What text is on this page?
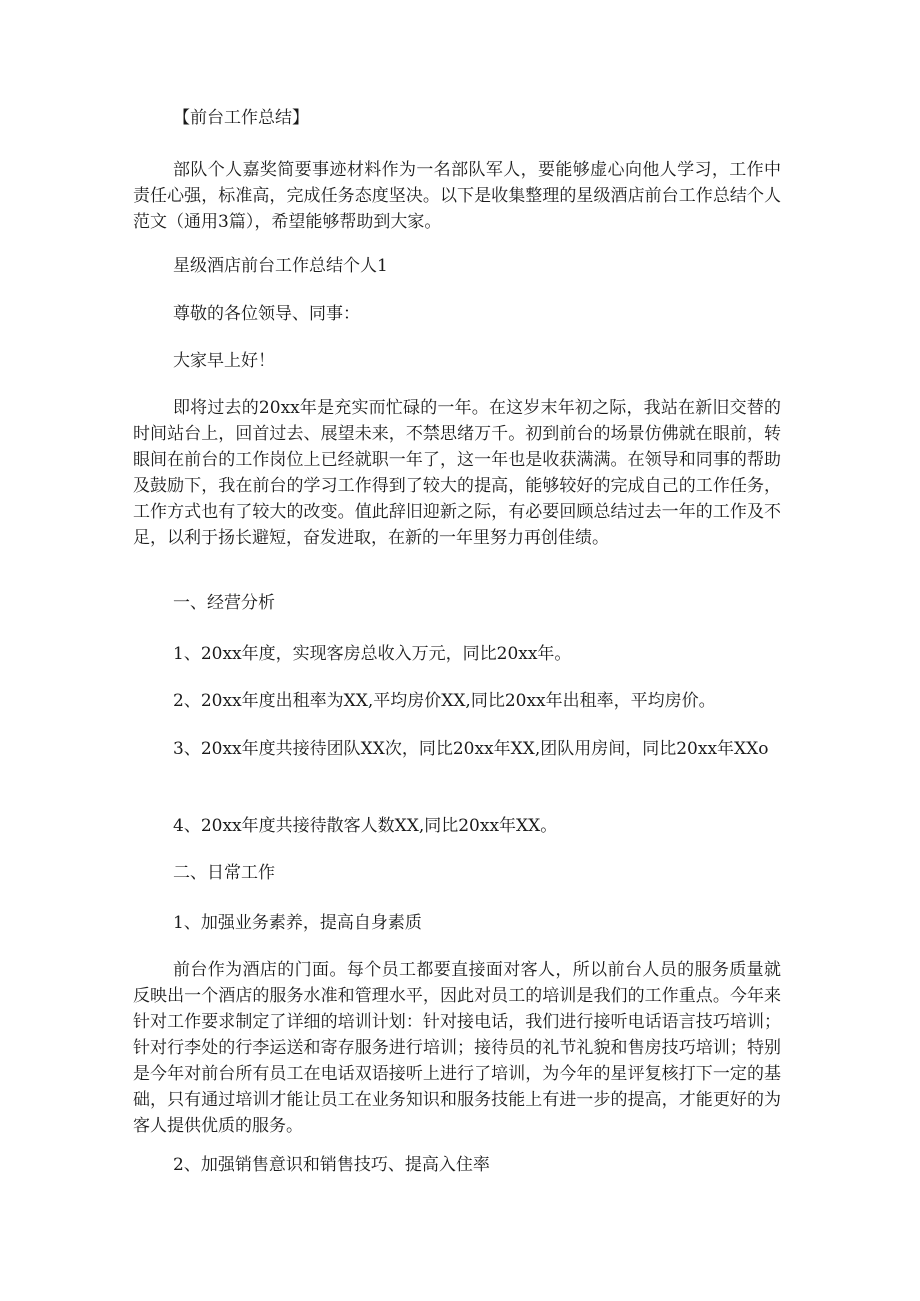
【前台工作总结】
部队个人嘉奖简要事迹材料作为一名部队军人，要能够虚心向他人学习，工作中责任心强，标准高，完成任务态度坚决。以下是收集整理的星级酒店前台工作总结个人范文（通用3篇），希望能够帮助到大家。
星级酒店前台工作总结个人1
尊敬的各位领导、同事：
大家早上好！
即将过去的20xx年是充实而忙碌的一年。在这岁末年初之际，我站在新旧交替的时间站台上，回首过去、展望未来，不禁思绪万千。初到前台的场景仿佛就在眼前，转眼间在前台的工作岗位上已经就职一年了，这一年也是收获满满。在领导和同事的帮助及鼓励下，我在前台的学习工作得到了较大的提高，能够较好的完成自己的工作任务，工作方式也有了较大的改变。值此辞旧迎新之际，有必要回顾总结过去一年的工作及不足，以利于扬长避短，奋发进取，在新的一年里努力再创佳绩。
一、经营分析
1、20xx年度，实现客房总收入万元，同比20xx年。
2、20xx年度出租率为XX,平均房价XX,同比20xx年出租率，平均房价。
3、20xx年度共接待团队XX次，同比20xx年XX,团队用房间，同比20xx年XXo
4、20xx年度共接待散客人数XX,同比20xx年XX。
二、日常工作
1、加强业务素养，提高自身素质
前台作为酒店的门面。每个员工都要直接面对客人，所以前台人员的服务质量就反映出一个酒店的服务水准和管理水平，因此对员工的培训是我们的工作重点。今年来针对工作要求制定了详细的培训计划：针对接电话，我们进行接听电话语言技巧培训；针对行李处的行李运送和寄存服务进行培训；接待员的礼节礼貌和售房技巧培训；特别是今年对前台所有员工在电话双语接听上进行了培训，为今年的星评复核打下一定的基础，只有通过培训才能让员工在业务知识和服务技能上有进一步的提高，才能更好的为客人提供优质的服务。
2、加强销售意识和销售技巧、提高入住率
